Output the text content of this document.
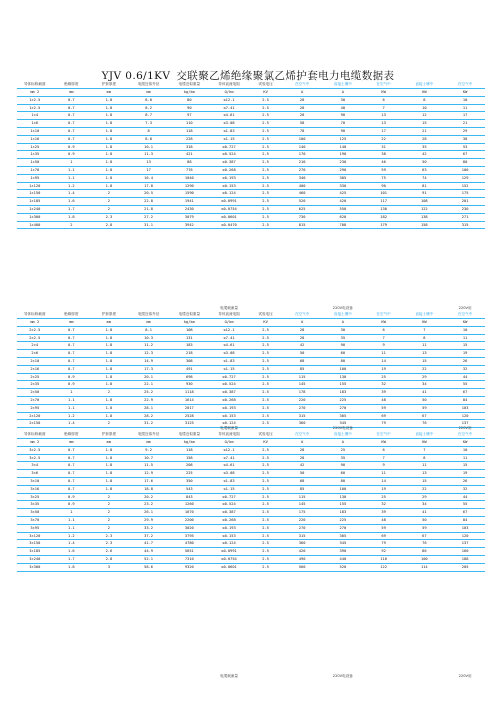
YJV 0.6/1KV 交联聚乙烯绝缘聚氯乙烯护套电力电缆数据表
导体标称截面	绝缘厚度	护套厚度	电缆近似外径	电缆近似重量	导体直流电阻	试验电压	在空气中	直接土壤中	在空气中	直接土壤中	在空气中
mm 2	mm	mm	mm	kg/km	Ω/km	KV	A	A	KW	KW	KW
1×2.5	0.7	1.8	8.0	80	≤12.1	2.5	28	30	6	8	10
1×2.5	0.7	1.8	8.2	90	≤7.41	2.5	28	40	7	10	11
1×4	0.7	1.8	8.7	97	≤4.61	2.5	28	90	13	12	17
1×6	0.7	1.8	7.3	110	≤3.08	2.5	58	70	13	15	21
1×10	0.7	1.8	8	118	≤1.83	2.5	78	90	17	21	29
1×16	0.7	1.8	8.8	228	≤1.15	2.5	100	125	22	28	38
1×25	0.9	1.8	10.1	318	≤0.727	2.5	140	140	31	35	53
1×35	0.9	1.8	11.3	421	≤0.524	2.5	170	190	38	42	67
1×50	1	1.8	13	88	≤0.387	2.5	210	230	46	50	80
1×70	1.1	1.8	17	776	≤0.268	2.5	270	290	59	63	100
1×95	1.1	1.8	16.4	1040	≤0.193	2.5	340	305	75	74	129
1×120	1.2	1.8	17.8	1290	≤0.153	2.5	400	330	90	81	152
1×150	1.4	2	20.5	1590	≤0.124	2.5	460	425	101	91	175
1×185	1.6	2	22.8	1941	≤0.0991	2.5	520	420	117	108	201
1×240	1.7	2	21.8	2430	≤0.0754	2.5	625	550	130	122	230
1×300	1.8	2.3	27.2	3079	≤0.0601	2.5	730	620	182	138	271
1×400	2	2.8	31.1	3942	≤0.0470	2.5	815	708	179	158	315
					电缆载流量			220V电设备			220V用
导体标称截面	绝缘厚度	护套厚度	电缆近似外径	电缆近似重量	导体直流电阻	试验电压	在空气中	直接土壤中	在空气中	直接土壤中	在空气中
mm 2	mm	mm	mm	kg/km	Ω/km	KV	A	A	KW	KW	KW
2×2.5	0.7	1.8	8.1	108	≤12.1	2.5	28	30	6	7	10
2×2.5	0.7	1.8	10.3	131	≤7.41	2.5	28	35	7	8	11
2×4	0.7	1.8	11.2	183	≤4.61	2.5	42	90	9	11	15
2×6	0.7	1.8	12.3	218	≤3.08	2.5	50	60	11	13	19
2×10	0.7	1.8	14.9	308	≤1.83	2.5	68	80	14	15	26
2×16	0.7	1.8	17.3	491	≤1.15	2.5	85	100	19	22	32
2×25	0.9	1.8	20.1	698	≤0.727	2.5	115	130	25	29	44
2×35	0.9	1.8	22.1	930	≤0.524	2.5	145	155	32	34	55
2×50	1	2	25.2	1118	≤0.387	2.5	178	183	39	41	67
2×70	1.1	1.8	22.9	1614	≤0.268	2.5	220	225	48	50	84
2×95	1.1	1.8	28.1	2017	≤0.193	2.5	270	270	59	59	103
2×120	1.2	1.8	28.2	2528	≤0.153	2.5	315	305	69	67	120
2×150	1.4	2	31.2	3125	≤0.124	2.5	360	345	79	76	137
					电缆载流量			220V电设备			220V用
导体标称截面	绝缘厚度	护套厚度	电缆近似外径	电缆近似重量	导体直流电阻	试验电压	在空气中	直接土壤中	在空气中	直接土壤中	在空气中
mm 2	mm	mm	mm	kg/km	Ω/km	KV	A	A	KW	KW	KW
3×2.5	0.7	1.8	9.2	118	≤12.1	2.5	28	25	6	7	10
3×2.5	0.7	1.8	10.7	158	≤7.41	2.5	28	35	7	8	11
3×4	0.7	1.8	11.5	208	≤4.61	2.5	42	90	9	11	15
3×6	0.7	1.8	12.9	225	≤3.08	2.5	50	60	11	13	19
3×10	0.7	1.8	17.6	350	≤1.83	2.5	68	80	14	15	26
3×16	0.7	1.8	18.8	543	≤1.15	2.5	85	100	19	22	32
3×25	0.9	2	20.2	843	≤0.727	2.5	115	130	25	29	44
3×35	0.9	2	23.2	1260	≤0.524	2.5	145	155	32	34	55
3×50	1	2	26.1	1670	≤0.387	2.5	175	183	39	41	67
3×70	1.1	2	29.9	2200	≤0.268	2.5	220	225	48	50	84
3×95	1.1	2	33.2	3020	≤0.193	2.5	270	270	59	59	103
3×120	1.2	2.3	37.2	3795	≤0.153	2.5	315	305	69	67	120
3×150	1.4	2.3	41.7	4780	≤0.124	2.5	360	345	79	76	137
3×185	1.6	2.6	44.9	5651	≤0.0991	2.5	420	390	92	86	160
3×240	1.7	2.8	52.1	7310	≤0.0754	2.5	490	440	110	100	188
3×300	1.8	3	58.6	9320	≤0.0601	2.5	560	520	122	114	205
					电缆载流量			220V电设备			220V用
